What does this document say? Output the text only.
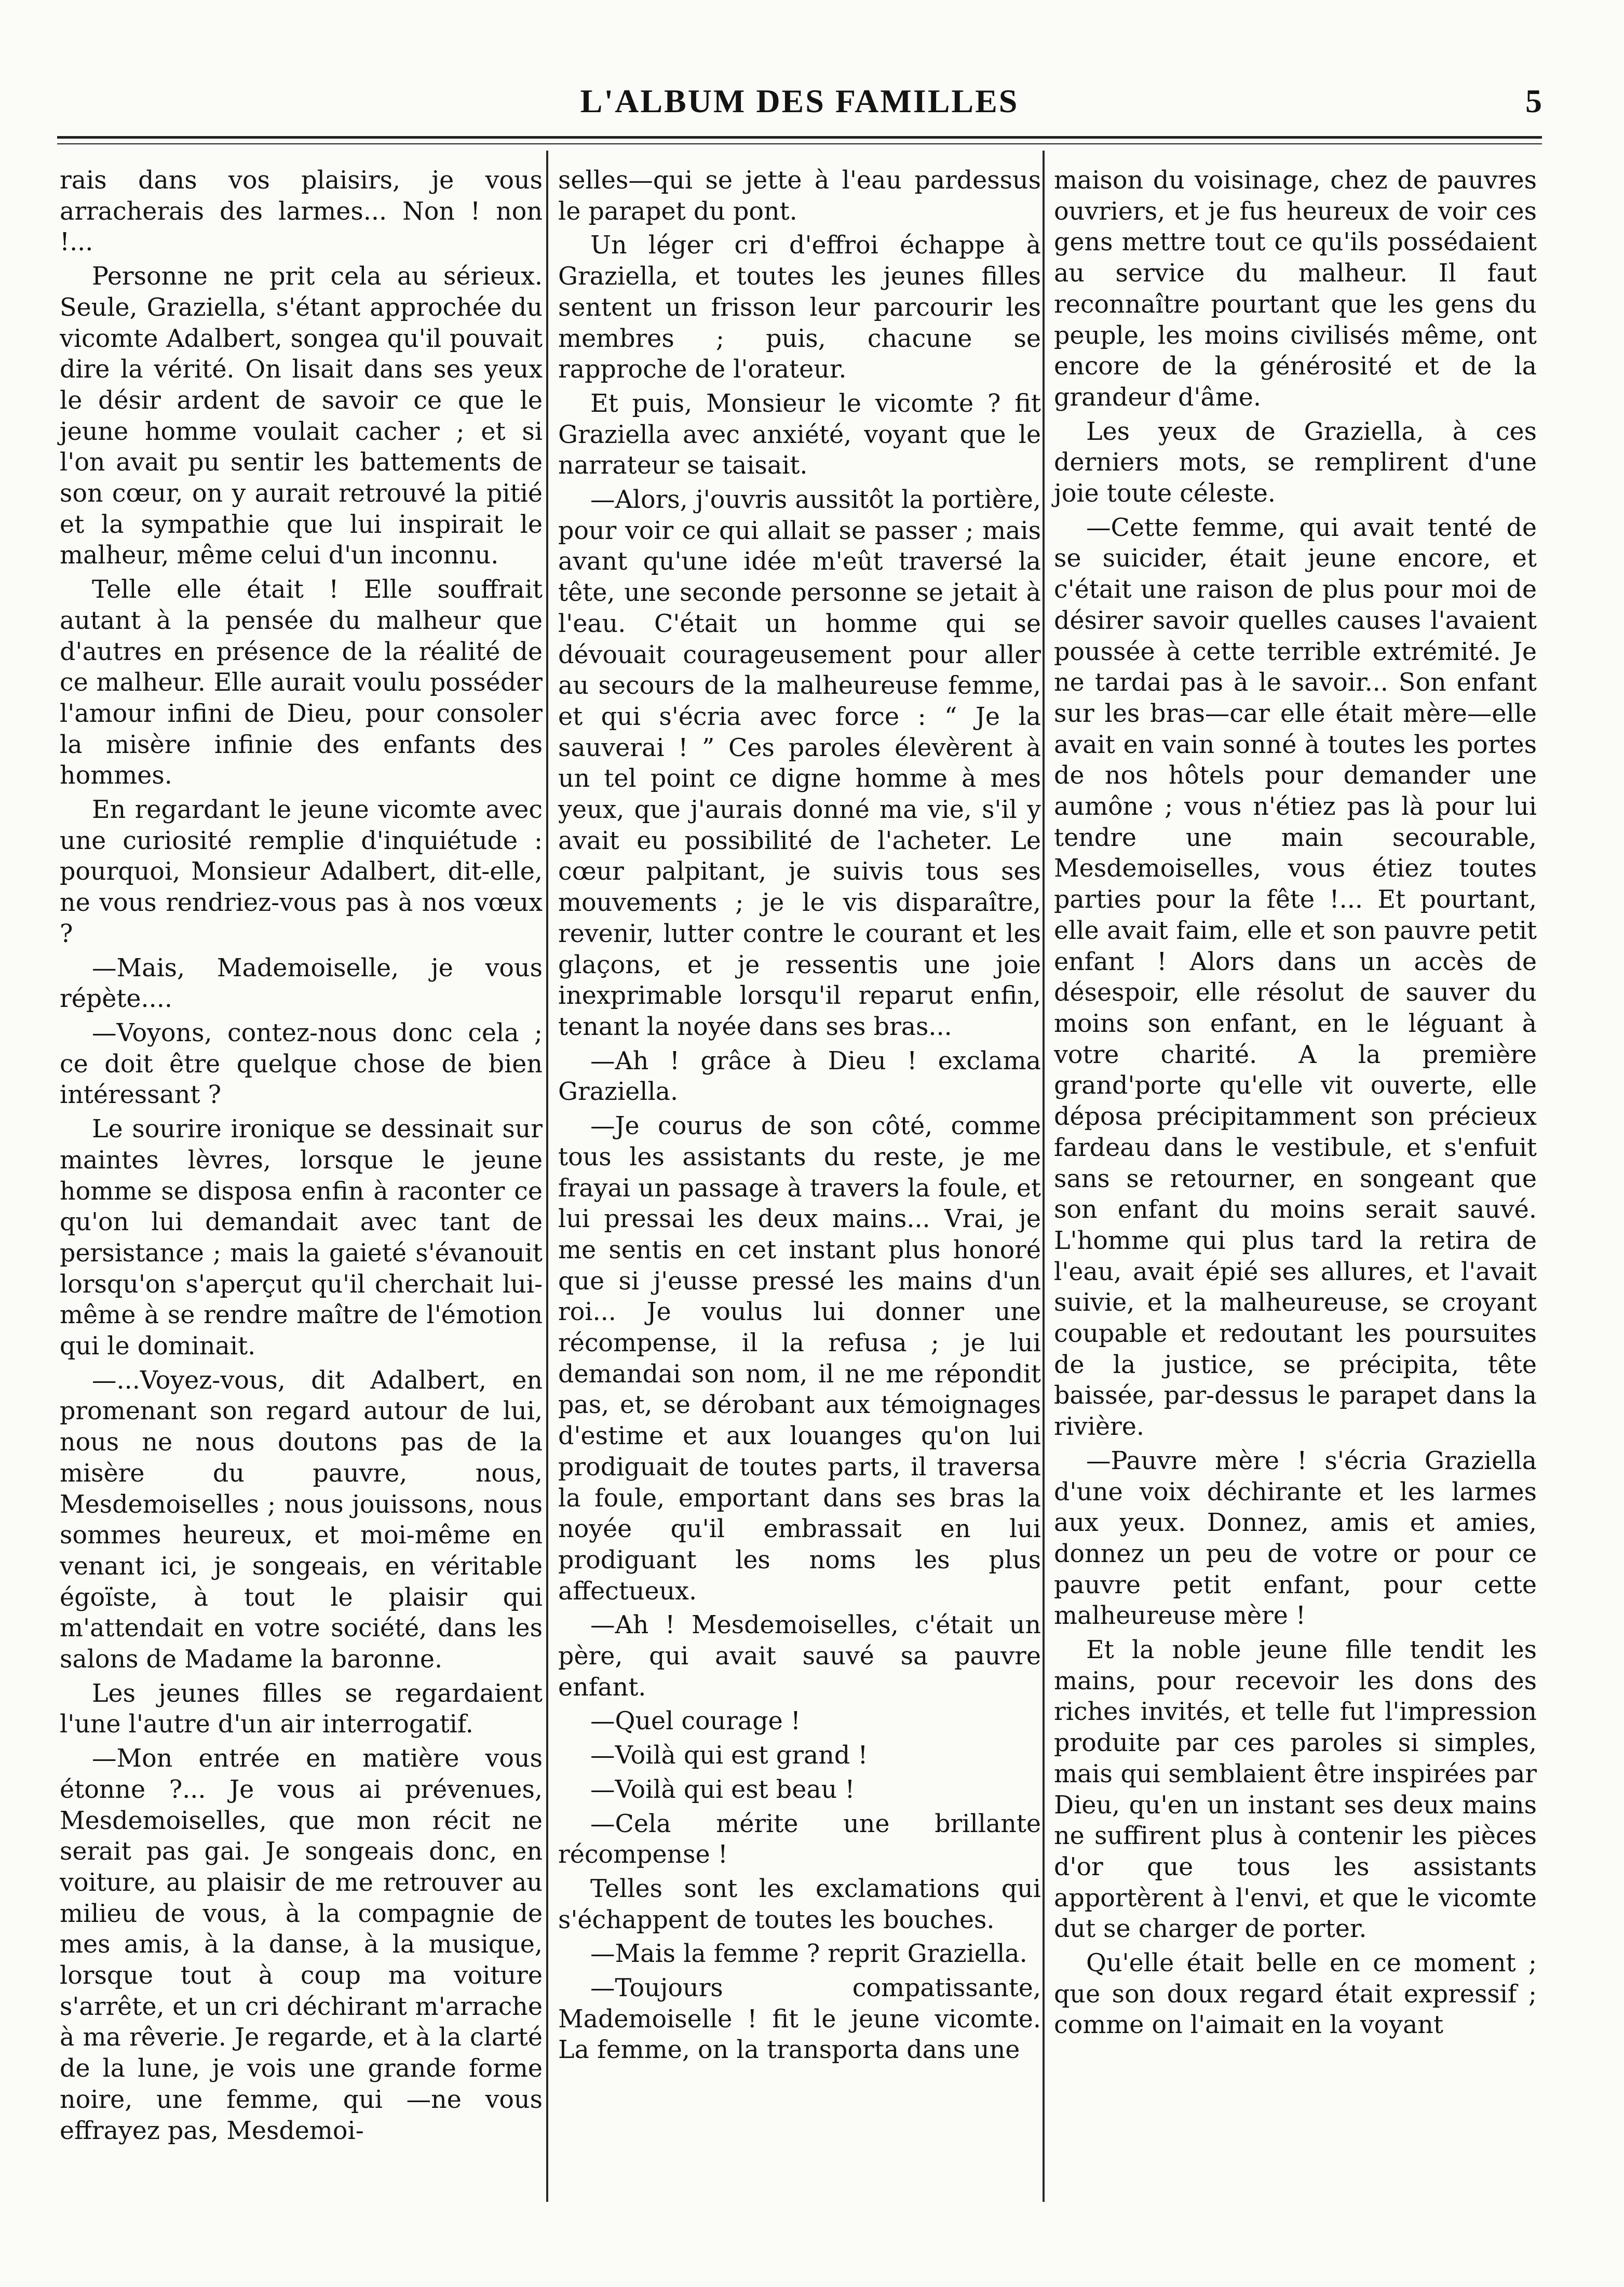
L'ALBUM DES FAMILLES	5

rais dans vos plaisirs, je vous arracherais des larmes... Non ! non !...

Personne ne prit cela au sérieux. Seule, Graziella, s'étant approchée du vicomte Adalbert, songea qu'il pouvait dire la vérité. On lisait dans ses yeux le désir ardent de savoir ce que le jeune homme voulait cacher ; et si l'on avait pu sentir les battements de son cœur, on y aurait retrouvé la pitié et la sympathie que lui inspirait le malheur, même celui d'un inconnu.

Telle elle était ! Elle souffrait autant à la pensée du malheur que d'autres en présence de la réalité de ce malheur. Elle aurait voulu posséder l'amour infini de Dieu, pour consoler la misère infinie des enfants des hommes.

En regardant le jeune vicomte avec une curiosité remplie d'inquiétude : pourquoi, Monsieur Adalbert, dit-elle, ne vous rendriez-vous pas à nos vœux ?

—Mais, Mademoiselle, je vous répète....

—Voyons, contez-nous donc cela ; ce doit être quelque chose de bien intéressant ?

Le sourire ironique se dessinait sur maintes lèvres, lorsque le jeune homme se disposa enfin à raconter ce qu'on lui demandait avec tant de persistance ; mais la gaieté s'évanouit lorsqu'on s'aperçut qu'il cherchait lui-même à se rendre maître de l'émotion qui le dominait.

—...Voyez-vous, dit Adalbert, en promenant son regard autour de lui, nous ne nous doutons pas de la misère du pauvre, nous, Mesdemoiselles ; nous jouissons, nous sommes heureux, et moi-même en venant ici, je songeais, en véritable égoïste, à tout le plaisir qui m'attendait en votre société, dans les salons de Madame la baronne.

Les jeunes filles se regardaient l'une l'autre d'un air interrogatif.

—Mon entrée en matière vous étonne ?... Je vous ai prévenues, Mesdemoiselles, que mon récit ne serait pas gai. Je songeais donc, en voiture, au plaisir de me retrouver au milieu de vous, à la compagnie de mes amis, à la danse, à la musique, lorsque tout à coup ma voiture s'arrête, et un cri déchirant m'arrache à ma rêverie. Je regarde, et à la clarté de la lune, je vois une grande forme noire, une femme, qui —ne vous effrayez pas, Mesdemoi-

selles—qui se jette à l'eau pardessus le parapet du pont.

Un léger cri d'effroi échappe à Graziella, et toutes les jeunes filles sentent un frisson leur parcourir les membres ; puis, chacune se rapproche de l'orateur.

Et puis, Monsieur le vicomte ? fit Graziella avec anxiété, voyant que le narrateur se taisait.

—Alors, j'ouvris aussitôt la portière, pour voir ce qui allait se passer ; mais avant qu'une idée m'eût traversé la tête, une seconde personne se jetait à l'eau. C'était un homme qui se dévouait courageusement pour aller au secours de la malheureuse femme, et qui s'écria avec force : “ Je la sauverai ! ” Ces paroles élevèrent à un tel point ce digne homme à mes yeux, que j'aurais donné ma vie, s'il y avait eu possibilité de l'acheter. Le cœur palpitant, je suivis tous ses mouvements ; je le vis disparaître, revenir, lutter contre le courant et les glaçons, et je ressentis une joie inexprimable lorsqu'il reparut enfin, tenant la noyée dans ses bras...

—Ah ! grâce à Dieu ! exclama Graziella.

—Je courus de son côté, comme tous les assistants du reste, je me frayai un passage à travers la foule, et lui pressai les deux mains... Vrai, je me sentis en cet instant plus honoré que si j'eusse pressé les mains d'un roi... Je voulus lui donner une récompense, il la refusa ; je lui demandai son nom, il ne me répondit pas, et, se dérobant aux témoignages d'estime et aux louanges qu'on lui prodiguait de toutes parts, il traversa la foule, emportant dans ses bras la noyée qu'il embrassait en lui prodiguant les noms les plus affectueux.

—Ah ! Mesdemoiselles, c'était un père, qui avait sauvé sa pauvre enfant.

—Quel courage !

—Voilà qui est grand !

—Voilà qui est beau !

—Cela mérite une brillante récompense !

Telles sont les exclamations qui s'échappent de toutes les bouches.

—Mais la femme ? reprit Graziella.

—Toujours compatissante, Mademoiselle ! fit le jeune vicomte. La femme, on la transporta dans une

maison du voisinage, chez de pauvres ouvriers, et je fus heureux de voir ces gens mettre tout ce qu'ils possédaient au service du malheur. Il faut reconnaître pourtant que les gens du peuple, les moins civilisés même, ont encore de la générosité et de la grandeur d'âme.

Les yeux de Graziella, à ces derniers mots, se remplirent d'une joie toute céleste.

—Cette femme, qui avait tenté de se suicider, était jeune encore, et c'était une raison de plus pour moi de désirer savoir quelles causes l'avaient poussée à cette terrible extrémité. Je ne tardai pas à le savoir... Son enfant sur les bras—car elle était mère—elle avait en vain sonné à toutes les portes de nos hôtels pour demander une aumône ; vous n'étiez pas là pour lui tendre une main secourable, Mesdemoiselles, vous étiez toutes parties pour la fête !... Et pourtant, elle avait faim, elle et son pauvre petit enfant ! Alors dans un accès de désespoir, elle résolut de sauver du moins son enfant, en le léguant à votre charité. A la première grand'porte qu'elle vit ouverte, elle déposa précipitamment son précieux fardeau dans le vestibule, et s'enfuit sans se retourner, en songeant que son enfant du moins serait sauvé. L'homme qui plus tard la retira de l'eau, avait épié ses allures, et l'avait suivie, et la malheureuse, se croyant coupable et redoutant les poursuites de la justice, se précipita, tête baissée, par-dessus le parapet dans la rivière.

—Pauvre mère ! s'écria Graziella d'une voix déchirante et les larmes aux yeux. Donnez, amis et amies, donnez un peu de votre or pour ce pauvre petit enfant, pour cette malheureuse mère !

Et la noble jeune fille tendit les mains, pour recevoir les dons des riches invités, et telle fut l'impression produite par ces paroles si simples, mais qui semblaient être inspirées par Dieu, qu'en un instant ses deux mains ne suffirent plus à contenir les pièces d'or que tous les assistants apportèrent à l'envi, et que le vicomte dut se charger de porter.

Qu'elle était belle en ce moment ; que son doux regard était expressif ; comme on l'aimait en la voyant
